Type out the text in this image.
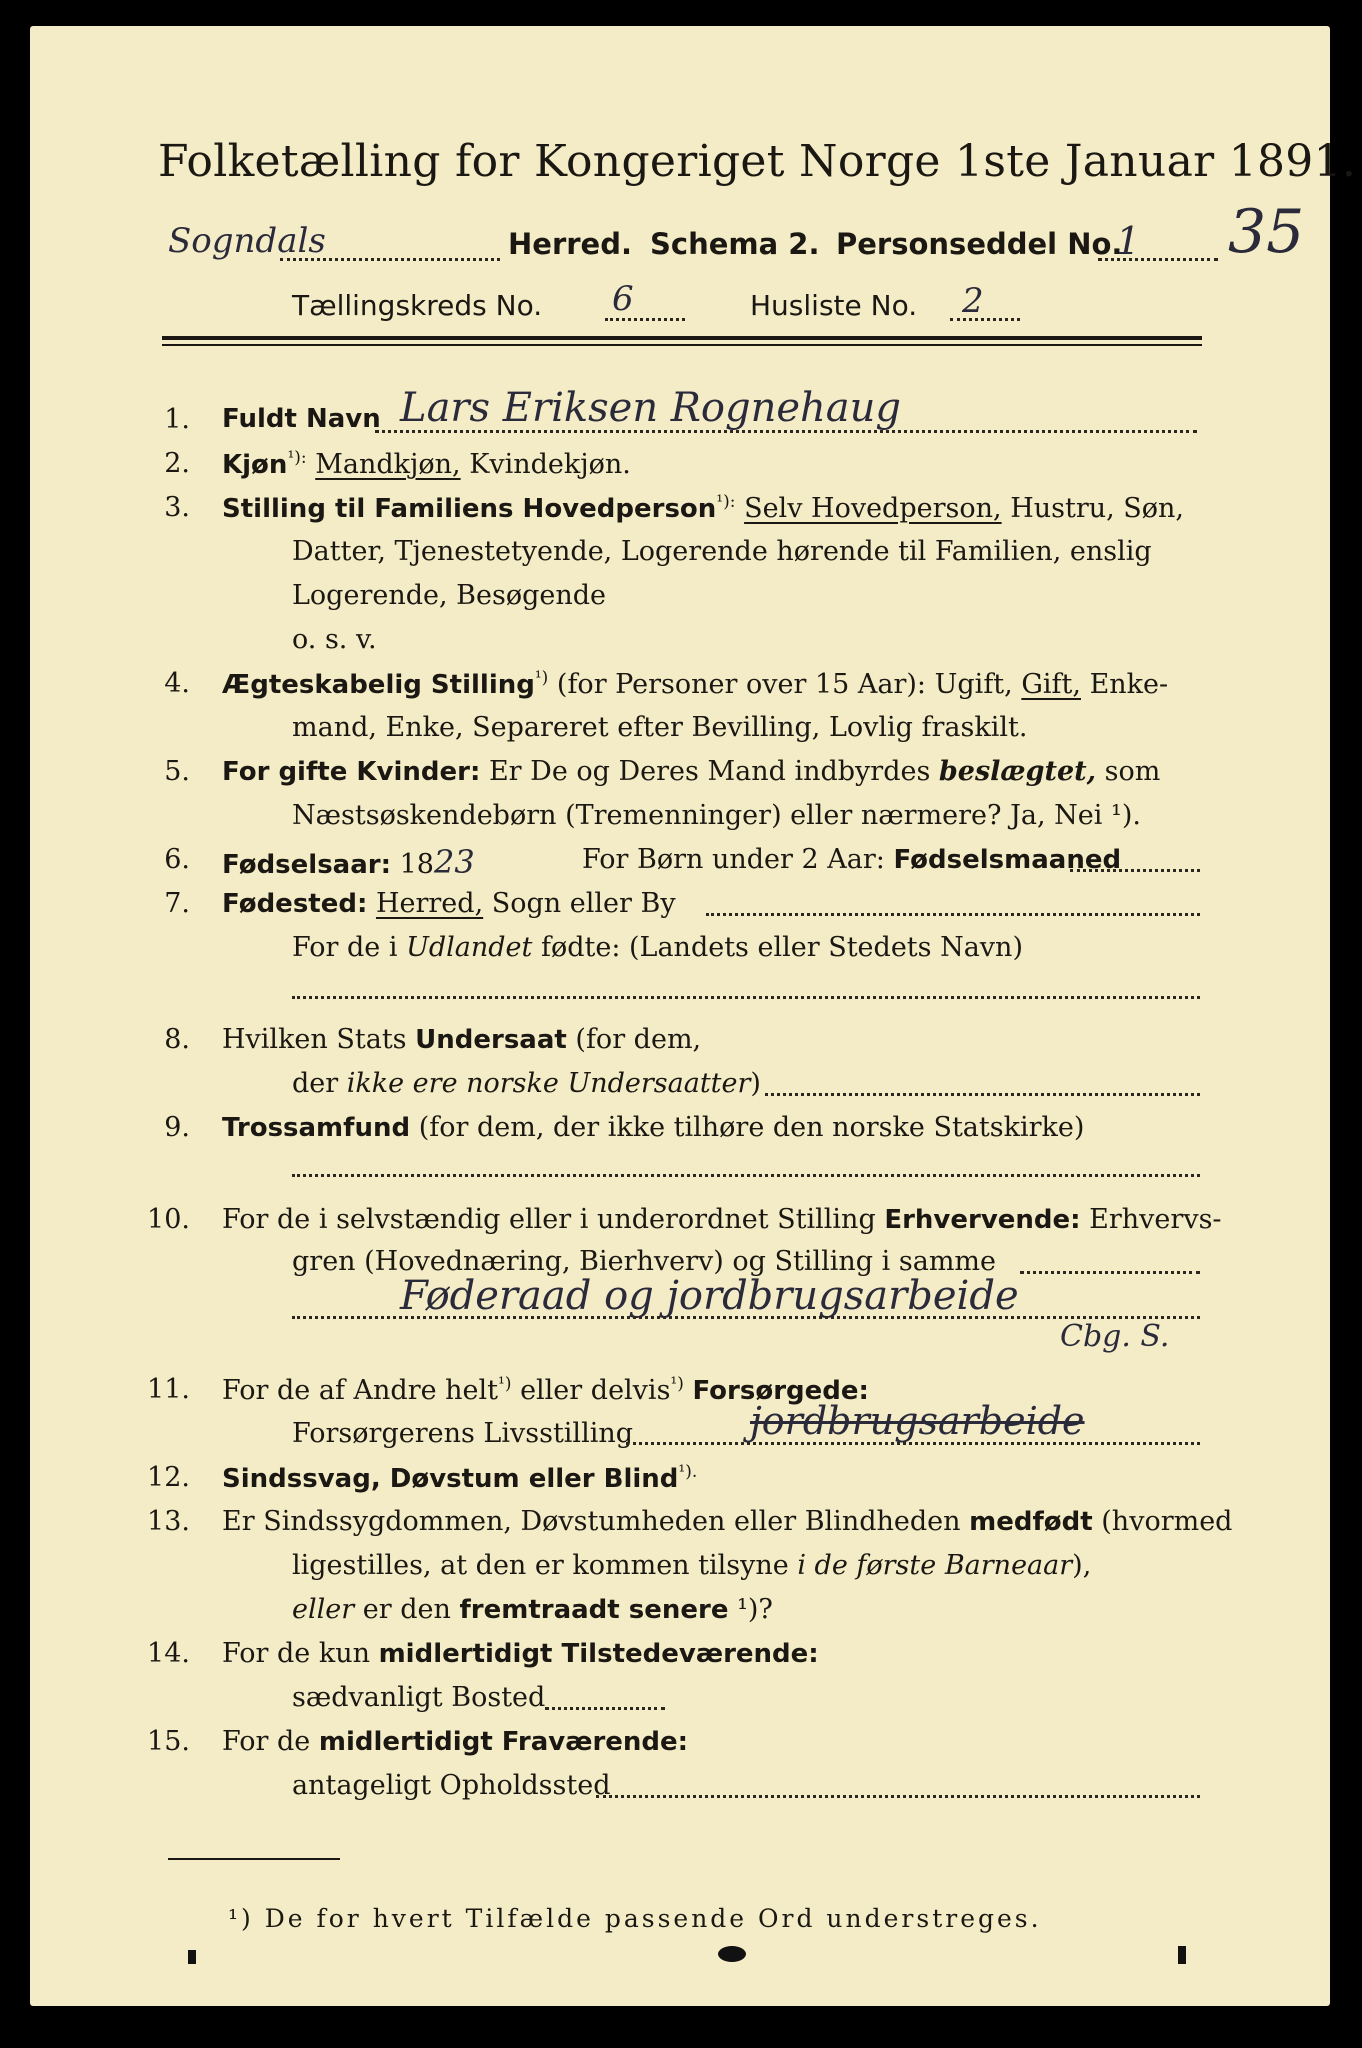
Folketælling for Kongeriget Norge 1ste Januar 1891.
Sogndals	Herred. Schema 2. Personseddel No.
1 35
Tællingskreds No. 6	Husliste No. 2
1. Fuldt Navn Lars Eriksen Rognehaug
2. Kjøn$^{^1):}$ Mandkjøn, Kvindekjøn.
3. Stilling til Familiens Hovedperson$^{^1):}$ Selv Hovedperson, Hustru, Søn,
Datter, Tjenestetyende, Logerende hørende til Familien, enslig
Logerende, Besøgende
o. s. v.
4. Ægteskabelig Stilling$^{^1)}$ (for Personer over 15 Aar): Ugift, Gift, Enke-
mand, Enke, Separeret efter Bevilling, Lovlig fraskilt.
5. For gifte Kvinder: Er De og Deres Mand indbyrdes beslægtet, som
Næstsøskendebørn (Tremenninger) eller nærmere? Ja, Nei ¹).
6. Fødselsaar: 1823	For Børn under 2 Aar: Fødselsmaaned
7. Fødested: Herred, Sogn eller By
For de i Udlandet fødte: (Landets eller Stedets Navn)
8. Hvilken Stats Undersaat (for dem,
der ikke ere norske Undersaatter)
9. Trossamfund (for dem, der ikke tilhøre den norske Statskirke)
10. For de i selvstændig eller i underordnet Stilling Erhvervende: Erhvervs-
gren (Hovednæring, Bierhverv) og Stilling i samme
Føderaad og jordbrugsarbeide
Cbg. S.
11. For de af Andre helt$^{^1)}$ eller delvis$^{^1)}$ Forsørgede:
Forsørgerens Livsstilling	jordbrugsarbeide
12. Sindssvag, Døvstum eller Blind$^{^1).}$
13. Er Sindssygdommen, Døvstumheden eller Blindheden medfødt (hvormed
ligestilles, at den er kommen tilsyne i de første Barneaar),
eller er den fremtraadt senere ¹)?
14. For de kun midlertidigt Tilstedeværende:
sædvanligt Bosted
15. For de midlertidigt Fraværende:
antageligt Opholdssted
¹) De for hvert Tilfælde passende Ord understreges.
